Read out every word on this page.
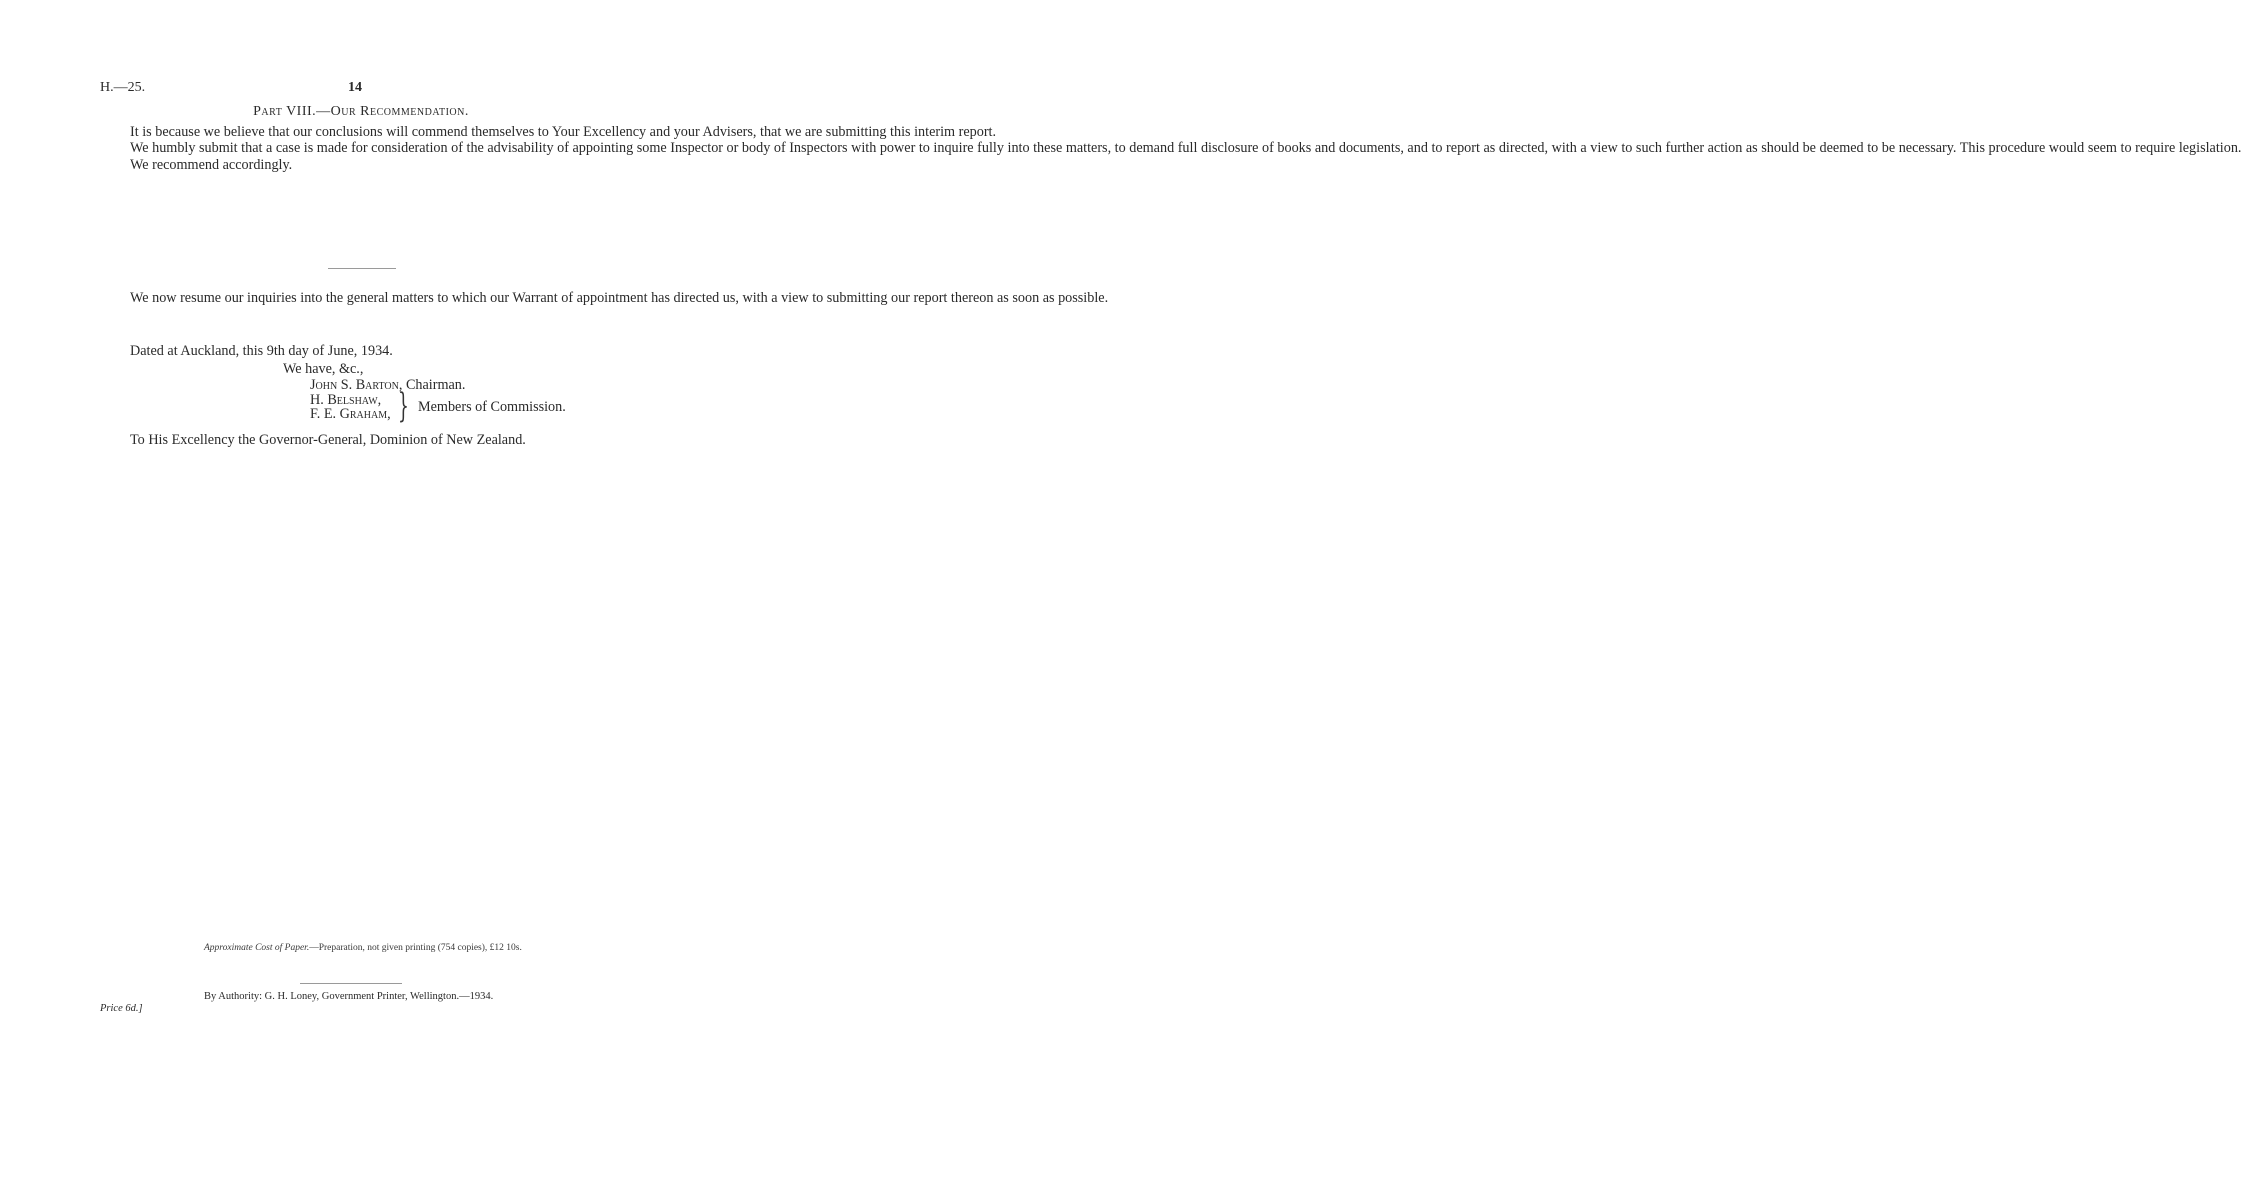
H.—25.	14
Part VIII.—Our Recommendation.

It is because we believe that our conclusions will commend themselves to Your Excellency and your Advisers, that we are submitting this interim report.

We humbly submit that a case is made for consideration of the advisability of appointing some Inspector or body of Inspectors with power to inquire fully into these matters, to demand full disclosure of books and documents, and to report as directed, with a view to such further action as should be deemed to be necessary. This procedure would seem to require legislation.

We recommend accordingly.

We now resume our inquiries into the general matters to which our Warrant of appointment has directed us, with a view to submitting our report thereon as soon as possible.

Dated at Auckland, this 9th day of June, 1934.
We have, &c.,
John S. Barton, Chairman.
H. Belshaw,
F. E. Graham, } Members of Commission.
To His Excellency the Governor-General, Dominion of New Zealand.
Approximate Cost of Paper.—Preparation, not given printing (754 copies), £12 10s.
By Authority: G. H. Loney, Government Printer, Wellington.—1934.
Price 6d.]
